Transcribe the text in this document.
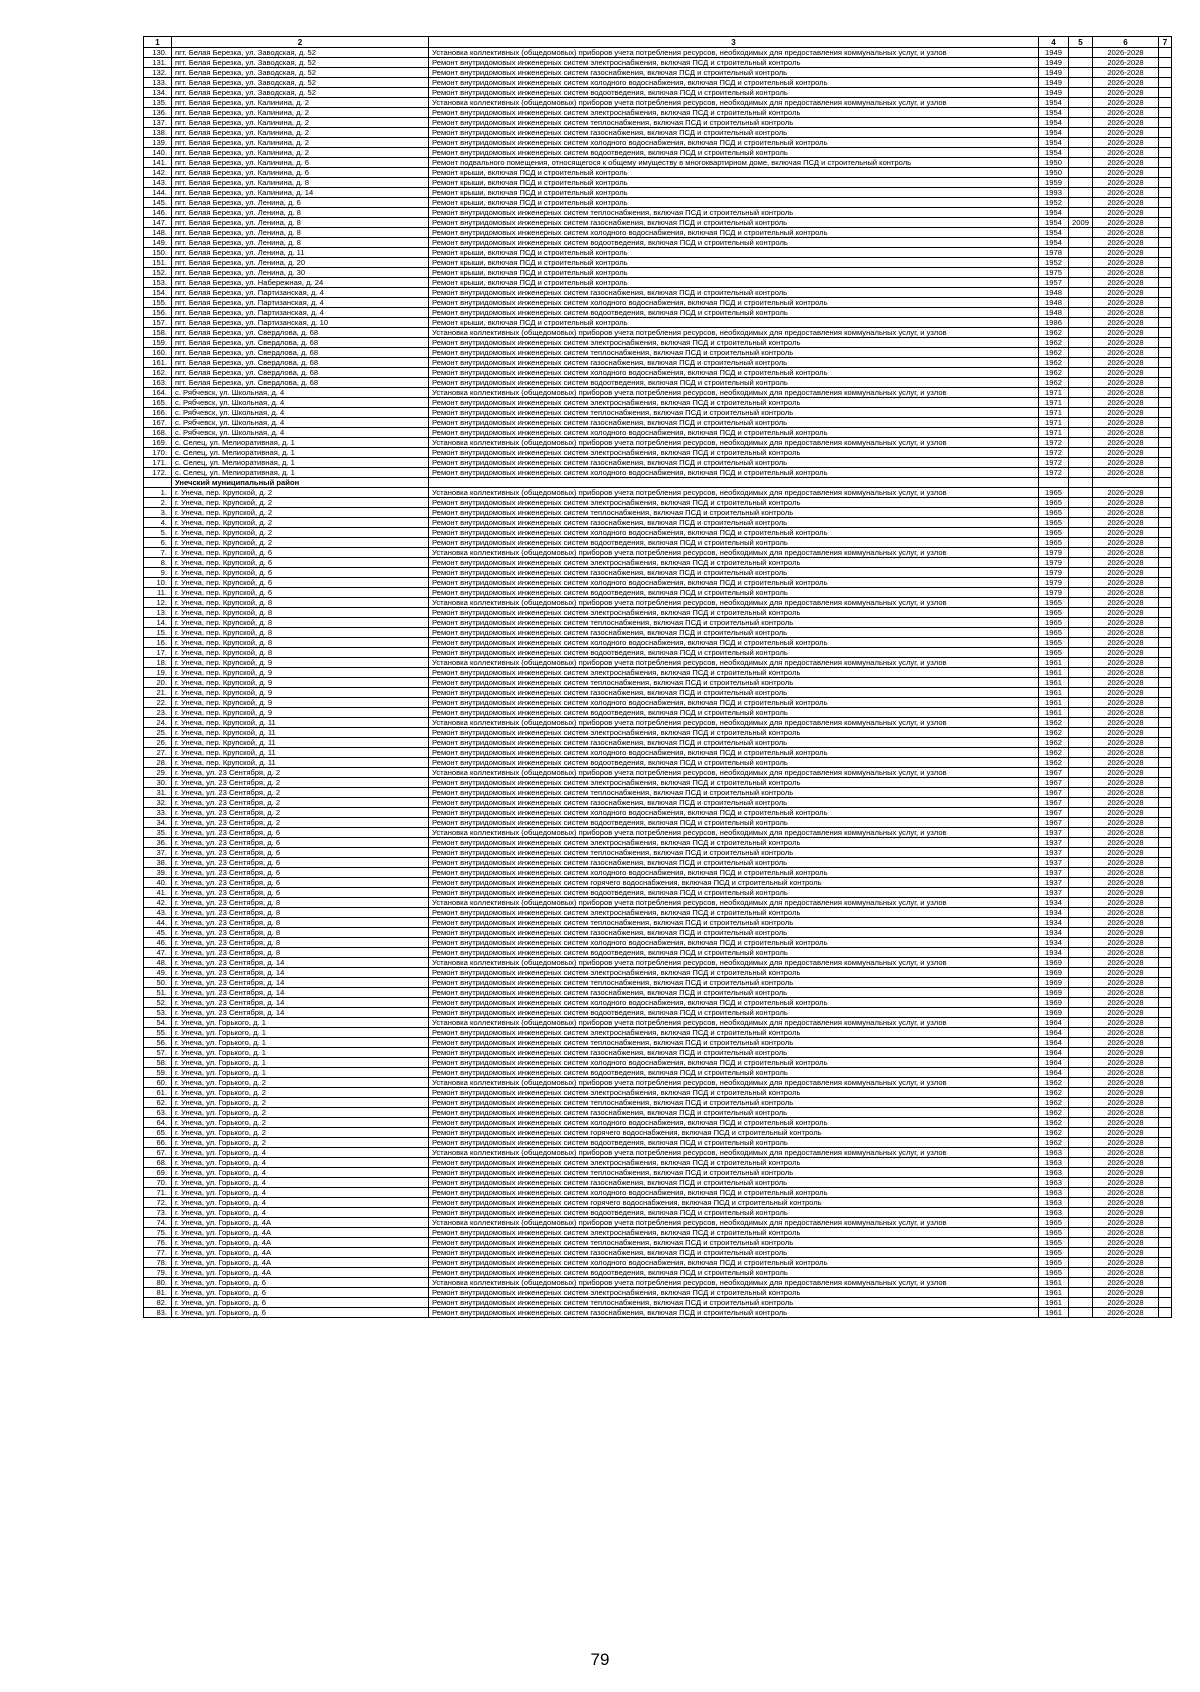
1	2	3	4	5	6	7
130.	пгт. Белая Березка, ул. Заводская, д. 52	Установка коллективных (общедомовых) приборов учета потребления ресурсов, необходимых для предоставления коммунальных услуг, и узлов	1949		2026-2028	
131.	пгт. Белая Березка, ул. Заводская, д. 52	Ремонт внутридомовых инженерных систем электроснабжения, включая ПСД и строительный контроль	1949		2026-2028	
132.	пгт. Белая Березка, ул. Заводская, д. 52	Ремонт внутридомовых инженерных систем газоснабжения, включая ПСД и строительный контроль	1949		2026-2028	
133.	пгт. Белая Березка, ул. Заводская, д. 52	Ремонт внутридомовых инженерных систем холодного водоснабжения, включая ПСД и строительный контроль	1949		2026-2028	
134.	пгт. Белая Березка, ул. Заводская, д. 52	Ремонт внутридомовых инженерных систем водоотведения, включая ПСД и строительный контроль	1949		2026-2028	
135.	пгт. Белая Березка, ул. Калинина, д. 2	Установка коллективных (общедомовых) приборов учета потребления ресурсов, необходимых для предоставления коммунальных услуг, и узлов	1954		2026-2028	
136.	пгт. Белая Березка, ул. Калинина, д. 2	Ремонт внутридомовых инженерных систем электроснабжения, включая ПСД и строительный контроль	1954		2026-2028	
137.	пгт. Белая Березка, ул. Калинина, д. 2	Ремонт внутридомовых инженерных систем теплоснабжения, включая ПСД и строительный контроль	1954		2026-2028	
138.	пгт. Белая Березка, ул. Калинина, д. 2	Ремонт внутридомовых инженерных систем газоснабжения, включая ПСД и строительный контроль	1954		2026-2028	
139.	пгт. Белая Березка, ул. Калинина, д. 2	Ремонт внутридомовых инженерных систем холодного водоснабжения, включая ПСД и строительный контроль	1954		2026-2028	
140.	пгт. Белая Березка, ул. Калинина, д. 2	Ремонт внутридомовых инженерных систем водоотведения, включая ПСД и строительный контроль	1954		2026-2028	
141.	пгт. Белая Березка, ул. Калинина, д. 6	Ремонт подвального помещения, относящегося к общему имуществу в многоквартирном доме, включая ПСД и строительный контроль	1950		2026-2028	
142.	пгт. Белая Березка, ул. Калинина, д. 6	Ремонт крыши, включая ПСД и строительный контроль	1950		2026-2028	
143.	пгт. Белая Березка, ул. Калинина, д. 8	Ремонт крыши, включая ПСД и строительный контроль	1959		2026-2028	
144.	пгт. Белая Березка, ул. Калинина, д. 14	Ремонт крыши, включая ПСД и строительный контроль	1993		2026-2028	
145.	пгт. Белая Березка, ул. Ленина, д. 6	Ремонт крыши, включая ПСД и строительный контроль	1952		2026-2028	
146.	пгт. Белая Березка, ул. Ленина, д. 8	Ремонт внутридомовых инженерных систем теплоснабжения, включая ПСД и строительный контроль	1954		2026-2028	
147.	пгт. Белая Березка, ул. Ленина, д. 8	Ремонт внутридомовых инженерных систем газоснабжения, включая ПСД и строительный контроль	1954	2009	2026-2028	
148.	пгт. Белая Березка, ул. Ленина, д. 8	Ремонт внутридомовых инженерных систем холодного водоснабжения, включая ПСД и строительный контроль	1954		2026-2028	
149.	пгт. Белая Березка, ул. Ленина, д. 8	Ремонт внутридомовых инженерных систем водоотведения, включая ПСД и строительный контроль	1954		2026-2028	
150.	пгт. Белая Березка, ул. Ленина, д. 11	Ремонт крыши, включая ПСД и строительный контроль	1978		2026-2028	
151.	пгт. Белая Березка, ул. Ленина, д. 20	Ремонт крыши, включая ПСД и строительный контроль	1952		2026-2028	
152.	пгт. Белая Березка, ул. Ленина, д. 30	Ремонт крыши, включая ПСД и строительный контроль	1975		2026-2028	
153.	пгт. Белая Березка, ул. Набережная, д. 24	Ремонт крыши, включая ПСД и строительный контроль	1957		2026-2028	
154.	пгт. Белая Березка, ул. Партизанская, д. 4	Ремонт внутридомовых инженерных систем газоснабжения, включая ПСД и строительный контроль	1948		2026-2028	
155.	пгт. Белая Березка, ул. Партизанская, д. 4	Ремонт внутридомовых инженерных систем холодного водоснабжения, включая ПСД и строительный контроль	1948		2026-2028	
156.	пгт. Белая Березка, ул. Партизанская, д. 4	Ремонт внутридомовых инженерных систем водоотведения, включая ПСД и строительный контроль	1948		2026-2028	
157.	пгт. Белая Березка, ул. Партизанская, д. 10	Ремонт крыши, включая ПСД и строительный контроль	1986		2026-2028	
158.	пгт. Белая Березка, ул. Свердлова, д. 68	Установка коллективных (общедомовых) приборов учета потребления ресурсов, необходимых для предоставления коммунальных услуг, и узлов	1962		2026-2028	
159.	пгт. Белая Березка, ул. Свердлова, д. 68	Ремонт внутридомовых инженерных систем электроснабжения, включая ПСД и строительный контроль	1962		2026-2028	
160.	пгт. Белая Березка, ул. Свердлова, д. 68	Ремонт внутридомовых инженерных систем теплоснабжения, включая ПСД и строительный контроль	1962		2026-2028	
161.	пгт. Белая Березка, ул. Свердлова, д. 68	Ремонт внутридомовых инженерных систем газоснабжения, включая ПСД и строительный контроль	1962		2026-2028	
162.	пгт. Белая Березка, ул. Свердлова, д. 68	Ремонт внутридомовых инженерных систем холодного водоснабжения, включая ПСД и строительный контроль	1962		2026-2028	
163.	пгт. Белая Березка, ул. Свердлова, д. 68	Ремонт внутридомовых инженерных систем водоотведения, включая ПСД и строительный контроль	1962		2026-2028	
164.	с. Рябчевск, ул. Школьная, д. 4	Установка коллективных (общедомовых) приборов учета потребления ресурсов, необходимых для предоставления коммунальных услуг, и узлов	1971		2026-2028	
165.	с. Рябчевск, ул. Школьная, д. 4	Ремонт внутридомовых инженерных систем электроснабжения, включая ПСД и строительный контроль	1971		2026-2028	
166.	с. Рябчевск, ул. Школьная, д. 4	Ремонт внутридомовых инженерных систем теплоснабжения, включая ПСД и строительный контроль	1971		2026-2028	
167.	с. Рябчевск, ул. Школьная, д. 4	Ремонт внутридомовых инженерных систем газоснабжения, включая ПСД и строительный контроль	1971		2026-2028	
168.	с. Рябчевск, ул. Школьная, д. 4	Ремонт внутридомовых инженерных систем холодного водоснабжения, включая ПСД и строительный контроль	1971		2026-2028	
169.	с. Селец, ул. Мелиоративная, д. 1	Установка коллективных (общедомовых) приборов учета потребления ресурсов, необходимых для предоставления коммунальных услуг, и узлов	1972		2026-2028	
170.	с. Селец, ул. Мелиоративная, д. 1	Ремонт внутридомовых инженерных систем электроснабжения, включая ПСД и строительный контроль	1972		2026-2028	
171.	с. Селец, ул. Мелиоративная, д. 1	Ремонт внутридомовых инженерных систем газоснабжения, включая ПСД и строительный контроль	1972		2026-2028	
172.	с. Селец, ул. Мелиоративная, д. 1	Ремонт внутридомовых инженерных систем холодного водоснабжения, включая ПСД и строительный контроль	1972		2026-2028	
	Унечский муниципальный район					
1.	г. Унеча, пер. Крупской, д. 2	Установка коллективных (общедомовых) приборов учета потребления ресурсов, необходимых для предоставления коммунальных услуг, и узлов	1965		2026-2028	
2.	г. Унеча, пер. Крупской, д. 2	Ремонт внутридомовых инженерных систем электроснабжения, включая ПСД и строительный контроль	1965		2026-2028	
3.	г. Унеча, пер. Крупской, д. 2	Ремонт внутридомовых инженерных систем теплоснабжения, включая ПСД и строительный контроль	1965		2026-2028	
4.	г. Унеча, пер. Крупской, д. 2	Ремонт внутридомовых инженерных систем газоснабжения, включая ПСД и строительный контроль	1965		2026-2028	
5.	г. Унеча, пер. Крупской, д. 2	Ремонт внутридомовых инженерных систем холодного водоснабжения, включая ПСД и строительный контроль	1965		2026-2028	
6.	г. Унеча, пер. Крупской, д. 2	Ремонт внутридомовых инженерных систем водоотведения, включая ПСД и строительный контроль	1965		2026-2028	
7.	г. Унеча, пер. Крупской, д. 6	Установка коллективных (общедомовых) приборов учета потребления ресурсов, необходимых для предоставления коммунальных услуг, и узлов	1979		2026-2028	
8.	г. Унеча, пер. Крупской, д. 6	Ремонт внутридомовых инженерных систем электроснабжения, включая ПСД и строительный контроль	1979		2026-2028	
9.	г. Унеча, пер. Крупской, д. 6	Ремонт внутридомовых инженерных систем газоснабжения, включая ПСД и строительный контроль	1979		2026-2028	
10.	г. Унеча, пер. Крупской, д. 6	Ремонт внутридомовых инженерных систем холодного водоснабжения, включая ПСД и строительный контроль	1979		2026-2028	
11.	г. Унеча, пер. Крупской, д. 6	Ремонт внутридомовых инженерных систем водоотведения, включая ПСД и строительный контроль	1979		2026-2028	
12.	г. Унеча, пер. Крупской, д. 8	Установка коллективных (общедомовых) приборов учета потребления ресурсов, необходимых для предоставления коммунальных услуг, и узлов	1965		2026-2028	
13.	г. Унеча, пер. Крупской, д. 8	Ремонт внутридомовых инженерных систем электроснабжения, включая ПСД и строительный контроль	1965		2026-2028	
14.	г. Унеча, пер. Крупской, д. 8	Ремонт внутридомовых инженерных систем теплоснабжения, включая ПСД и строительный контроль	1965		2026-2028	
15.	г. Унеча, пер. Крупской, д. 8	Ремонт внутридомовых инженерных систем газоснабжения, включая ПСД и строительный контроль	1965		2026-2028	
16.	г. Унеча, пер. Крупской, д. 8	Ремонт внутридомовых инженерных систем холодного водоснабжения, включая ПСД и строительный контроль	1965		2026-2028	
17.	г. Унеча, пер. Крупской, д. 8	Ремонт внутридомовых инженерных систем водоотведения, включая ПСД и строительный контроль	1965		2026-2028	
18.	г. Унеча, пер. Крупской, д. 9	Установка коллективных (общедомовых) приборов учета потребления ресурсов, необходимых для предоставления коммунальных услуг, и узлов	1961		2026-2028	
19.	г. Унеча, пер. Крупской, д. 9	Ремонт внутридомовых инженерных систем электроснабжения, включая ПСД и строительный контроль	1961		2026-2028	
20.	г. Унеча, пер. Крупской, д. 9	Ремонт внутридомовых инженерных систем теплоснабжения, включая ПСД и строительный контроль	1961		2026-2028	
21.	г. Унеча, пер. Крупской, д. 9	Ремонт внутридомовых инженерных систем газоснабжения, включая ПСД и строительный контроль	1961		2026-2028	
22.	г. Унеча, пер. Крупской, д. 9	Ремонт внутридомовых инженерных систем холодного водоснабжения, включая ПСД и строительный контроль	1961		2026-2028	
23.	г. Унеча, пер. Крупской, д. 9	Ремонт внутридомовых инженерных систем водоотведения, включая ПСД и строительный контроль	1961		2026-2028	
24.	г. Унеча, пер. Крупской, д. 11	Установка коллективных (общедомовых) приборов учета потребления ресурсов, необходимых для предоставления коммунальных услуг, и узлов	1962		2026-2028	
25.	г. Унеча, пер. Крупской, д. 11	Ремонт внутридомовых инженерных систем электроснабжения, включая ПСД и строительный контроль	1962		2026-2028	
26.	г. Унеча, пер. Крупской, д. 11	Ремонт внутридомовых инженерных систем газоснабжения, включая ПСД и строительный контроль	1962		2026-2028	
27.	г. Унеча, пер. Крупской, д. 11	Ремонт внутридомовых инженерных систем холодного водоснабжения, включая ПСД и строительный контроль	1962		2026-2028	
28.	г. Унеча, пер. Крупской, д. 11	Ремонт внутридомовых инженерных систем водоотведения, включая ПСД и строительный контроль	1962		2026-2028	
29.	г. Унеча, ул. 23 Сентября, д. 2	Установка коллективных (общедомовых) приборов учета потребления ресурсов, необходимых для предоставления коммунальных услуг, и узлов	1967		2026-2028	
30.	г. Унеча, ул. 23 Сентября, д. 2	Ремонт внутридомовых инженерных систем электроснабжения, включая ПСД и строительный контроль	1967		2026-2028	
31.	г. Унеча, ул. 23 Сентября, д. 2	Ремонт внутридомовых инженерных систем теплоснабжения, включая ПСД и строительный контроль	1967		2026-2028	
32.	г. Унеча, ул. 23 Сентября, д. 2	Ремонт внутридомовых инженерных систем газоснабжения, включая ПСД и строительный контроль	1967		2026-2028	
33.	г. Унеча, ул. 23 Сентября, д. 2	Ремонт внутридомовых инженерных систем холодного водоснабжения, включая ПСД и строительный контроль	1967		2026-2028	
34.	г. Унеча, ул. 23 Сентября, д. 2	Ремонт внутридомовых инженерных систем водоотведения, включая ПСД и строительный контроль	1967		2026-2028	
35.	г. Унеча, ул. 23 Сентября, д. 6	Установка коллективных (общедомовых) приборов учета потребления ресурсов, необходимых для предоставления коммунальных услуг, и узлов	1937		2026-2028	
36.	г. Унеча, ул. 23 Сентября, д. 6	Ремонт внутридомовых инженерных систем электроснабжения, включая ПСД и строительный контроль	1937		2026-2028	
37.	г. Унеча, ул. 23 Сентября, д. 6	Ремонт внутридомовых инженерных систем теплоснабжения, включая ПСД и строительный контроль	1937		2026-2028	
38.	г. Унеча, ул. 23 Сентября, д. 6	Ремонт внутридомовых инженерных систем газоснабжения, включая ПСД и строительный контроль	1937		2026-2028	
39.	г. Унеча, ул. 23 Сентября, д. 6	Ремонт внутридомовых инженерных систем холодного водоснабжения, включая ПСД и строительный контроль	1937		2026-2028	
40.	г. Унеча, ул. 23 Сентября, д. 6	Ремонт внутридомовых инженерных систем горячего водоснабжения, включая ПСД и строительный контроль	1937		2026-2028	
41.	г. Унеча, ул. 23 Сентября, д. 6	Ремонт внутридомовых инженерных систем водоотведения, включая ПСД и строительный контроль	1937		2026-2028	
42.	г. Унеча, ул. 23 Сентября, д. 8	Установка коллективных (общедомовых) приборов учета потребления ресурсов, необходимых для предоставления коммунальных услуг, и узлов	1934		2026-2028	
43.	г. Унеча, ул. 23 Сентября, д. 8	Ремонт внутридомовых инженерных систем электроснабжения, включая ПСД и строительный контроль	1934		2026-2028	
44.	г. Унеча, ул. 23 Сентября, д. 8	Ремонт внутридомовых инженерных систем теплоснабжения, включая ПСД и строительный контроль	1934		2026-2028	
45.	г. Унеча, ул. 23 Сентября, д. 8	Ремонт внутридомовых инженерных систем газоснабжения, включая ПСД и строительный контроль	1934		2026-2028	
46.	г. Унеча, ул. 23 Сентября, д. 8	Ремонт внутридомовых инженерных систем холодного водоснабжения, включая ПСД и строительный контроль	1934		2026-2028	
47.	г. Унеча, ул. 23 Сентября, д. 8	Ремонт внутридомовых инженерных систем водоотведения, включая ПСД и строительный контроль	1934		2026-2028	
48.	г. Унеча, ул. 23 Сентября, д. 14	Установка коллективных (общедомовых) приборов учета потребления ресурсов, необходимых для предоставления коммунальных услуг, и узлов	1969		2026-2028	
49.	г. Унеча, ул. 23 Сентября, д. 14	Ремонт внутридомовых инженерных систем электроснабжения, включая ПСД и строительный контроль	1969		2026-2028	
50.	г. Унеча, ул. 23 Сентября, д. 14	Ремонт внутридомовых инженерных систем теплоснабжения, включая ПСД и строительный контроль	1969		2026-2028	
51.	г. Унеча, ул. 23 Сентября, д. 14	Ремонт внутридомовых инженерных систем газоснабжения, включая ПСД и строительный контроль	1969		2026-2028	
52.	г. Унеча, ул. 23 Сентября, д. 14	Ремонт внутридомовых инженерных систем холодного водоснабжения, включая ПСД и строительный контроль	1969		2026-2028	
53.	г. Унеча, ул. 23 Сентября, д. 14	Ремонт внутридомовых инженерных систем водоотведения, включая ПСД и строительный контроль	1969		2026-2028	
54.	г. Унеча, ул. Горького, д. 1	Установка коллективных (общедомовых) приборов учета потребления ресурсов, необходимых для предоставления коммунальных услуг, и узлов	1964		2026-2028	
55.	г. Унеча, ул. Горького, д. 1	Ремонт внутридомовых инженерных систем электроснабжения, включая ПСД и строительный контроль	1964		2026-2028	
56.	г. Унеча, ул. Горького, д. 1	Ремонт внутридомовых инженерных систем теплоснабжения, включая ПСД и строительный контроль	1964		2026-2028	
57.	г. Унеча, ул. Горького, д. 1	Ремонт внутридомовых инженерных систем газоснабжения, включая ПСД и строительный контроль	1964		2026-2028	
58.	г. Унеча, ул. Горького, д. 1	Ремонт внутридомовых инженерных систем холодного водоснабжения, включая ПСД и строительный контроль	1964		2026-2028	
59.	г. Унеча, ул. Горького, д. 1	Ремонт внутридомовых инженерных систем водоотведения, включая ПСД и строительный контроль	1964		2026-2028	
60.	г. Унеча, ул. Горького, д. 2	Установка коллективных (общедомовых) приборов учета потребления ресурсов, необходимых для предоставления коммунальных услуг, и узлов	1962		2026-2028	
61.	г. Унеча, ул. Горького, д. 2	Ремонт внутридомовых инженерных систем электроснабжения, включая ПСД и строительный контроль	1962		2026-2028	
62.	г. Унеча, ул. Горького, д. 2	Ремонт внутридомовых инженерных систем теплоснабжения, включая ПСД и строительный контроль	1962		2026-2028	
63.	г. Унеча, ул. Горького, д. 2	Ремонт внутридомовых инженерных систем газоснабжения, включая ПСД и строительный контроль	1962		2026-2028	
64.	г. Унеча, ул. Горького, д. 2	Ремонт внутридомовых инженерных систем холодного водоснабжения, включая ПСД и строительный контроль	1962		2026-2028	
65.	г. Унеча, ул. Горького, д. 2	Ремонт внутридомовых инженерных систем горячего водоснабжения, включая ПСД и строительный контроль	1962		2026-2028	
66.	г. Унеча, ул. Горького, д. 2	Ремонт внутридомовых инженерных систем водоотведения, включая ПСД и строительный контроль	1962		2026-2028	
67.	г. Унеча, ул. Горького, д. 4	Установка коллективных (общедомовых) приборов учета потребления ресурсов, необходимых для предоставления коммунальных услуг, и узлов	1963		2026-2028	
68.	г. Унеча, ул. Горького, д. 4	Ремонт внутридомовых инженерных систем электроснабжения, включая ПСД и строительный контроль	1963		2026-2028	
69.	г. Унеча, ул. Горького, д. 4	Ремонт внутридомовых инженерных систем теплоснабжения, включая ПСД и строительный контроль	1963		2026-2028	
70.	г. Унеча, ул. Горького, д. 4	Ремонт внутридомовых инженерных систем газоснабжения, включая ПСД и строительный контроль	1963		2026-2028	
71.	г. Унеча, ул. Горького, д. 4	Ремонт внутридомовых инженерных систем холодного водоснабжения, включая ПСД и строительный контроль	1963		2026-2028	
72.	г. Унеча, ул. Горького, д. 4	Ремонт внутридомовых инженерных систем горячего водоснабжения, включая ПСД и строительный контроль	1963		2026-2028	
73.	г. Унеча, ул. Горького, д. 4	Ремонт внутридомовых инженерных систем водоотведения, включая ПСД и строительный контроль	1963		2026-2028	
74.	г. Унеча, ул. Горького, д. 4А	Установка коллективных (общедомовых) приборов учета потребления ресурсов, необходимых для предоставления коммунальных услуг, и узлов	1965		2026-2028	
75.	г. Унеча, ул. Горького, д. 4А	Ремонт внутридомовых инженерных систем электроснабжения, включая ПСД и строительный контроль	1965		2026-2028	
76.	г. Унеча, ул. Горького, д. 4А	Ремонт внутридомовых инженерных систем теплоснабжения, включая ПСД и строительный контроль	1965		2026-2028	
77.	г. Унеча, ул. Горького, д. 4А	Ремонт внутридомовых инженерных систем газоснабжения, включая ПСД и строительный контроль	1965		2026-2028	
78.	г. Унеча, ул. Горького, д. 4А	Ремонт внутридомовых инженерных систем холодного водоснабжения, включая ПСД и строительный контроль	1965		2026-2028	
79.	г. Унеча, ул. Горького, д. 4А	Ремонт внутридомовых инженерных систем водоотведения, включая ПСД и строительный контроль	1965		2026-2028	
80.	г. Унеча, ул. Горького, д. 6	Установка коллективных (общедомовых) приборов учета потребления ресурсов, необходимых для предоставления коммунальных услуг, и узлов	1961		2026-2028	
81.	г. Унеча, ул. Горького, д. 6	Ремонт внутридомовых инженерных систем электроснабжения, включая ПСД и строительный контроль	1961		2026-2028	
82.	г. Унеча, ул. Горького, д. 6	Ремонт внутридомовых инженерных систем теплоснабжения, включая ПСД и строительный контроль	1961		2026-2028	
83.	г. Унеча, ул. Горького, д. 6	Ремонт внутридомовых инженерных систем газоснабжения, включая ПСД и строительный контроль	1961		2026-2028	
79
